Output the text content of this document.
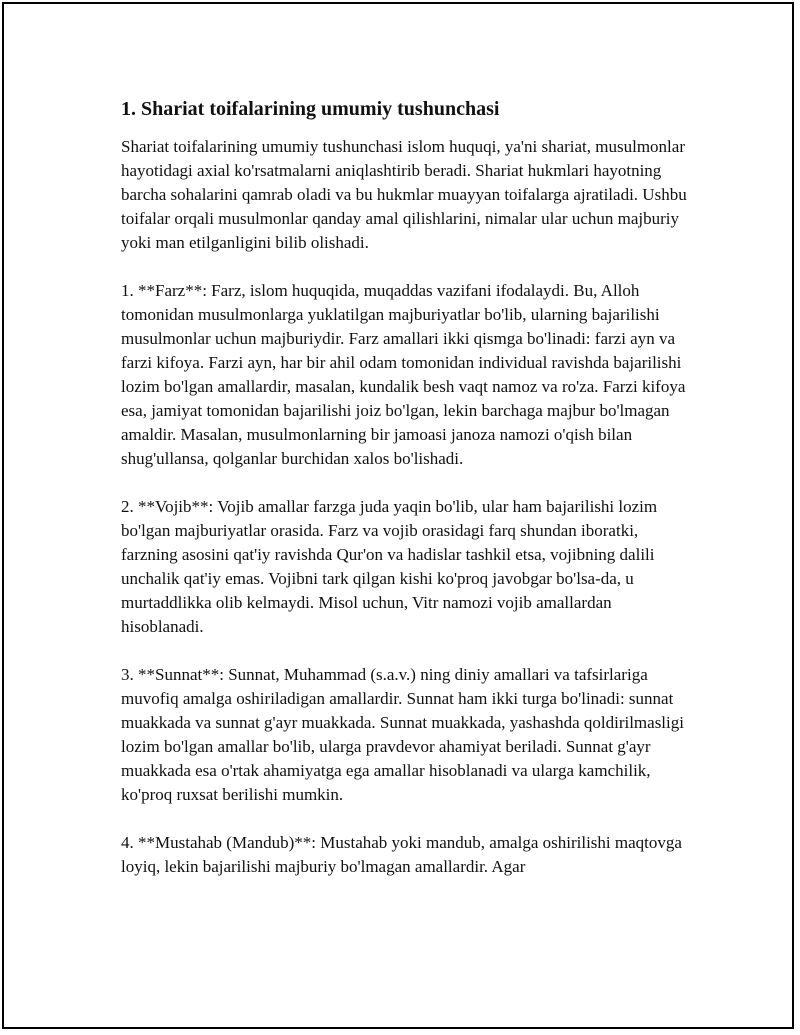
1. Shariat toifalarining umumiy tushunchasi

Shariat toifalarining umumiy tushunchasi islom huquqi, ya'ni shariat, musulmonlar hayotidagi axial ko'rsatmalarni aniqlashtirib beradi. Shariat hukmlari hayotning barcha sohalarini qamrab oladi va bu hukmlar muayyan toifalarga ajratiladi. Ushbu toifalar orqali musulmonlar qanday amal qilishlarini, nimalar ular uchun majburiy yoki man etilganligini bilib olishadi.

1. **Farz**: Farz, islom huquqida, muqaddas vazifani ifodalaydi. Bu, Alloh tomonidan musulmonlarga yuklatilgan majburiyatlar bo'lib, ularning bajarilishi musulmonlar uchun majburiydir. Farz amallari ikki qismga bo'linadi: farzi ayn va farzi kifoya. Farzi ayn, har bir ahil odam tomonidan individual ravishda bajarilishi lozim bo'lgan amallardir, masalan, kundalik besh vaqt namoz va ro'za. Farzi kifoya esa, jamiyat tomonidan bajarilishi joiz bo'lgan, lekin barchaga majbur bo'lmagan amaldir. Masalan, musulmonlarning bir jamoasi janoza namozi o'qish bilan shug'ullansa, qolganlar burchidan xalos bo'lishadi.

2. **Vojib**: Vojib amallar farzga juda yaqin bo'lib, ular ham bajarilishi lozim bo'lgan majburiyatlar orasida. Farz va vojib orasidagi farq shundan iboratki, farzning asosini qat'iy ravishda Qur'on va hadislar tashkil etsa, vojibning dalili unchalik qat'iy emas. Vojibni tark qilgan kishi ko'proq javobgar bo'lsa-da, u murtaddlikka olib kelmaydi. Misol uchun, Vitr namozi vojib amallardan hisoblanadi.

3. **Sunnat**: Sunnat, Muhammad (s.a.v.) ning diniy amallari va tafsirlariga muvofiq amalga oshiriladigan amallardir. Sunnat ham ikki turga bo'linadi: sunnat muakkada va sunnat g'ayr muakkada. Sunnat muakkada, yashashda qoldirilmasligi lozim bo'lgan amallar bo'lib, ularga pravdevor ahamiyat beriladi. Sunnat g'ayr muakkada esa o'rtak ahamiyatga ega amallar hisoblanadi va ularga kamchilik, ko'proq ruxsat berilishi mumkin.

4. **Mustahab (Mandub)**: Mustahab yoki mandub, amalga oshirilishi maqtovga loyiq, lekin bajarilishi majburiy bo'lmagan amallardir. Agar
